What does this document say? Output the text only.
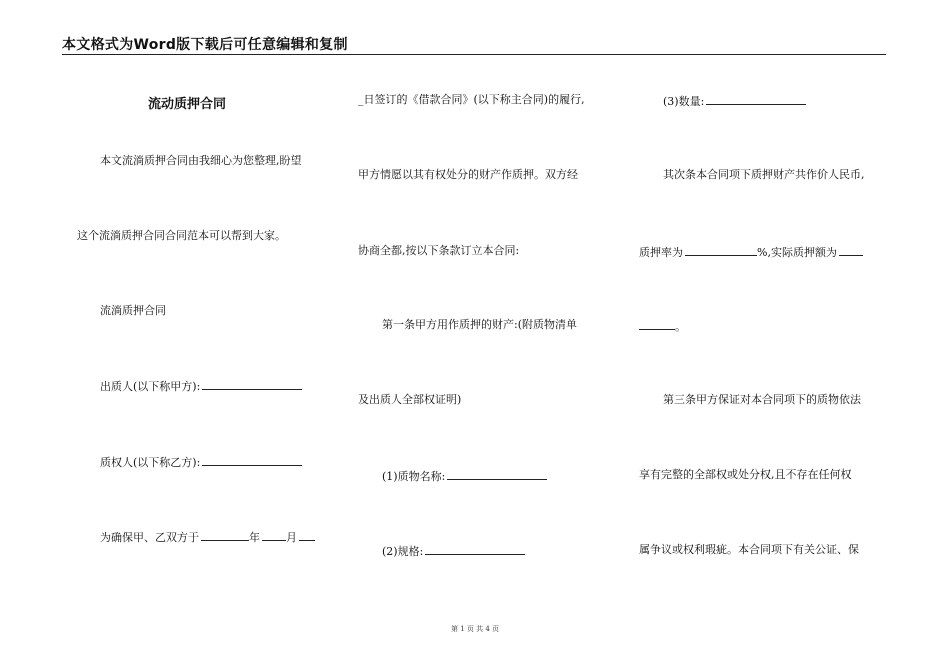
本文格式为Word版下载后可任意编辑和复制
流动质押合同
本文流淌质押合同由我细心为您整理,盼望
这个流淌质押合同合同范本可以帮到大家。
流淌质押合同
出质人(以下称甲方):
质权人(以下称乙方):
为确保甲、乙双方于	年 月
_日签订的《借款合同》(以下称主合同)的履行,
甲方情愿以其有权处分的财产作质押。双方经
协商全都,按以下条款订立本合同:
第一条甲方用作质押的财产:(附质物清单
及出质人全部权证明)
(1)质物名称:
(2)规格:
(3)数量:
其次条本合同项下质押财产共作价人民币,
质押率为	%,实际质押额为
。
第三条甲方保证对本合同项下的质物依法
享有完整的全部权或处分权,且不存在任何权
属争议或权利瑕疵。本合同项下有关公证、保
第 1 页 共 4 页
